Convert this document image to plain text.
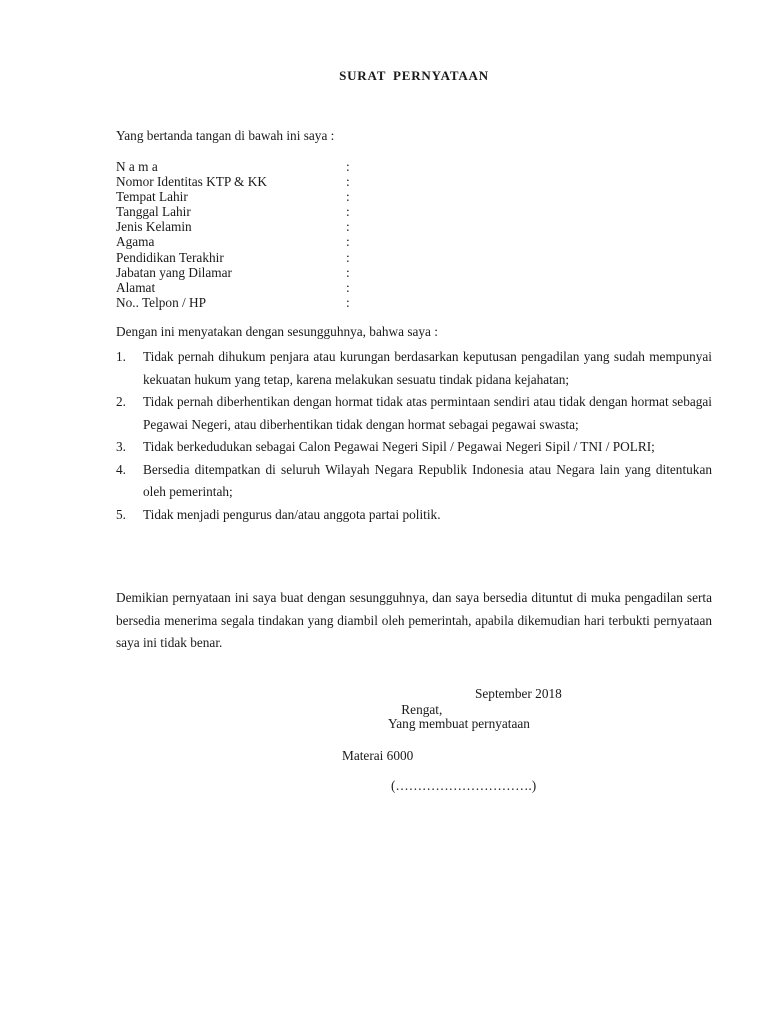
SURAT PERNYATAAN
Yang bertanda tangan di bawah ini saya :
N a m a	:
Nomor Identitas KTP & KK	:
Tempat Lahir	:
Tanggal Lahir	:
Jenis Kelamin	:
Agama	:
Pendidikan Terakhir	:
Jabatan yang Dilamar	:
Alamat	:
No.. Telpon / HP	:
Dengan ini menyatakan dengan sesungguhnya, bahwa saya :
1. Tidak pernah dihukum penjara atau kurungan berdasarkan keputusan pengadilan yang sudah mempunyai kekuatan hukum yang tetap, karena melakukan sesuatu tindak pidana kejahatan;
2. Tidak pernah diberhentikan dengan hormat tidak atas permintaan sendiri atau tidak dengan hormat sebagai Pegawai Negeri, atau diberhentikan tidak dengan hormat sebagai pegawai swasta;
3. Tidak berkedudukan sebagai Calon Pegawai Negeri Sipil / Pegawai Negeri Sipil / TNI / POLRI;
4. Bersedia ditempatkan di seluruh Wilayah Negara Republik Indonesia atau Negara lain yang ditentukan oleh pemerintah;
5. Tidak menjadi pengurus dan/atau anggota partai politik.
Demikian pernyataan ini saya buat dengan sesungguhnya, dan saya bersedia dituntut di muka pengadilan serta bersedia menerima segala tindakan yang diambil oleh pemerintah, apabila dikemudian hari terbukti pernyataan saya ini tidak benar.

Rengat,

September 2018

Yang membuat pernyataan
Materai 6000
(………………………….)
